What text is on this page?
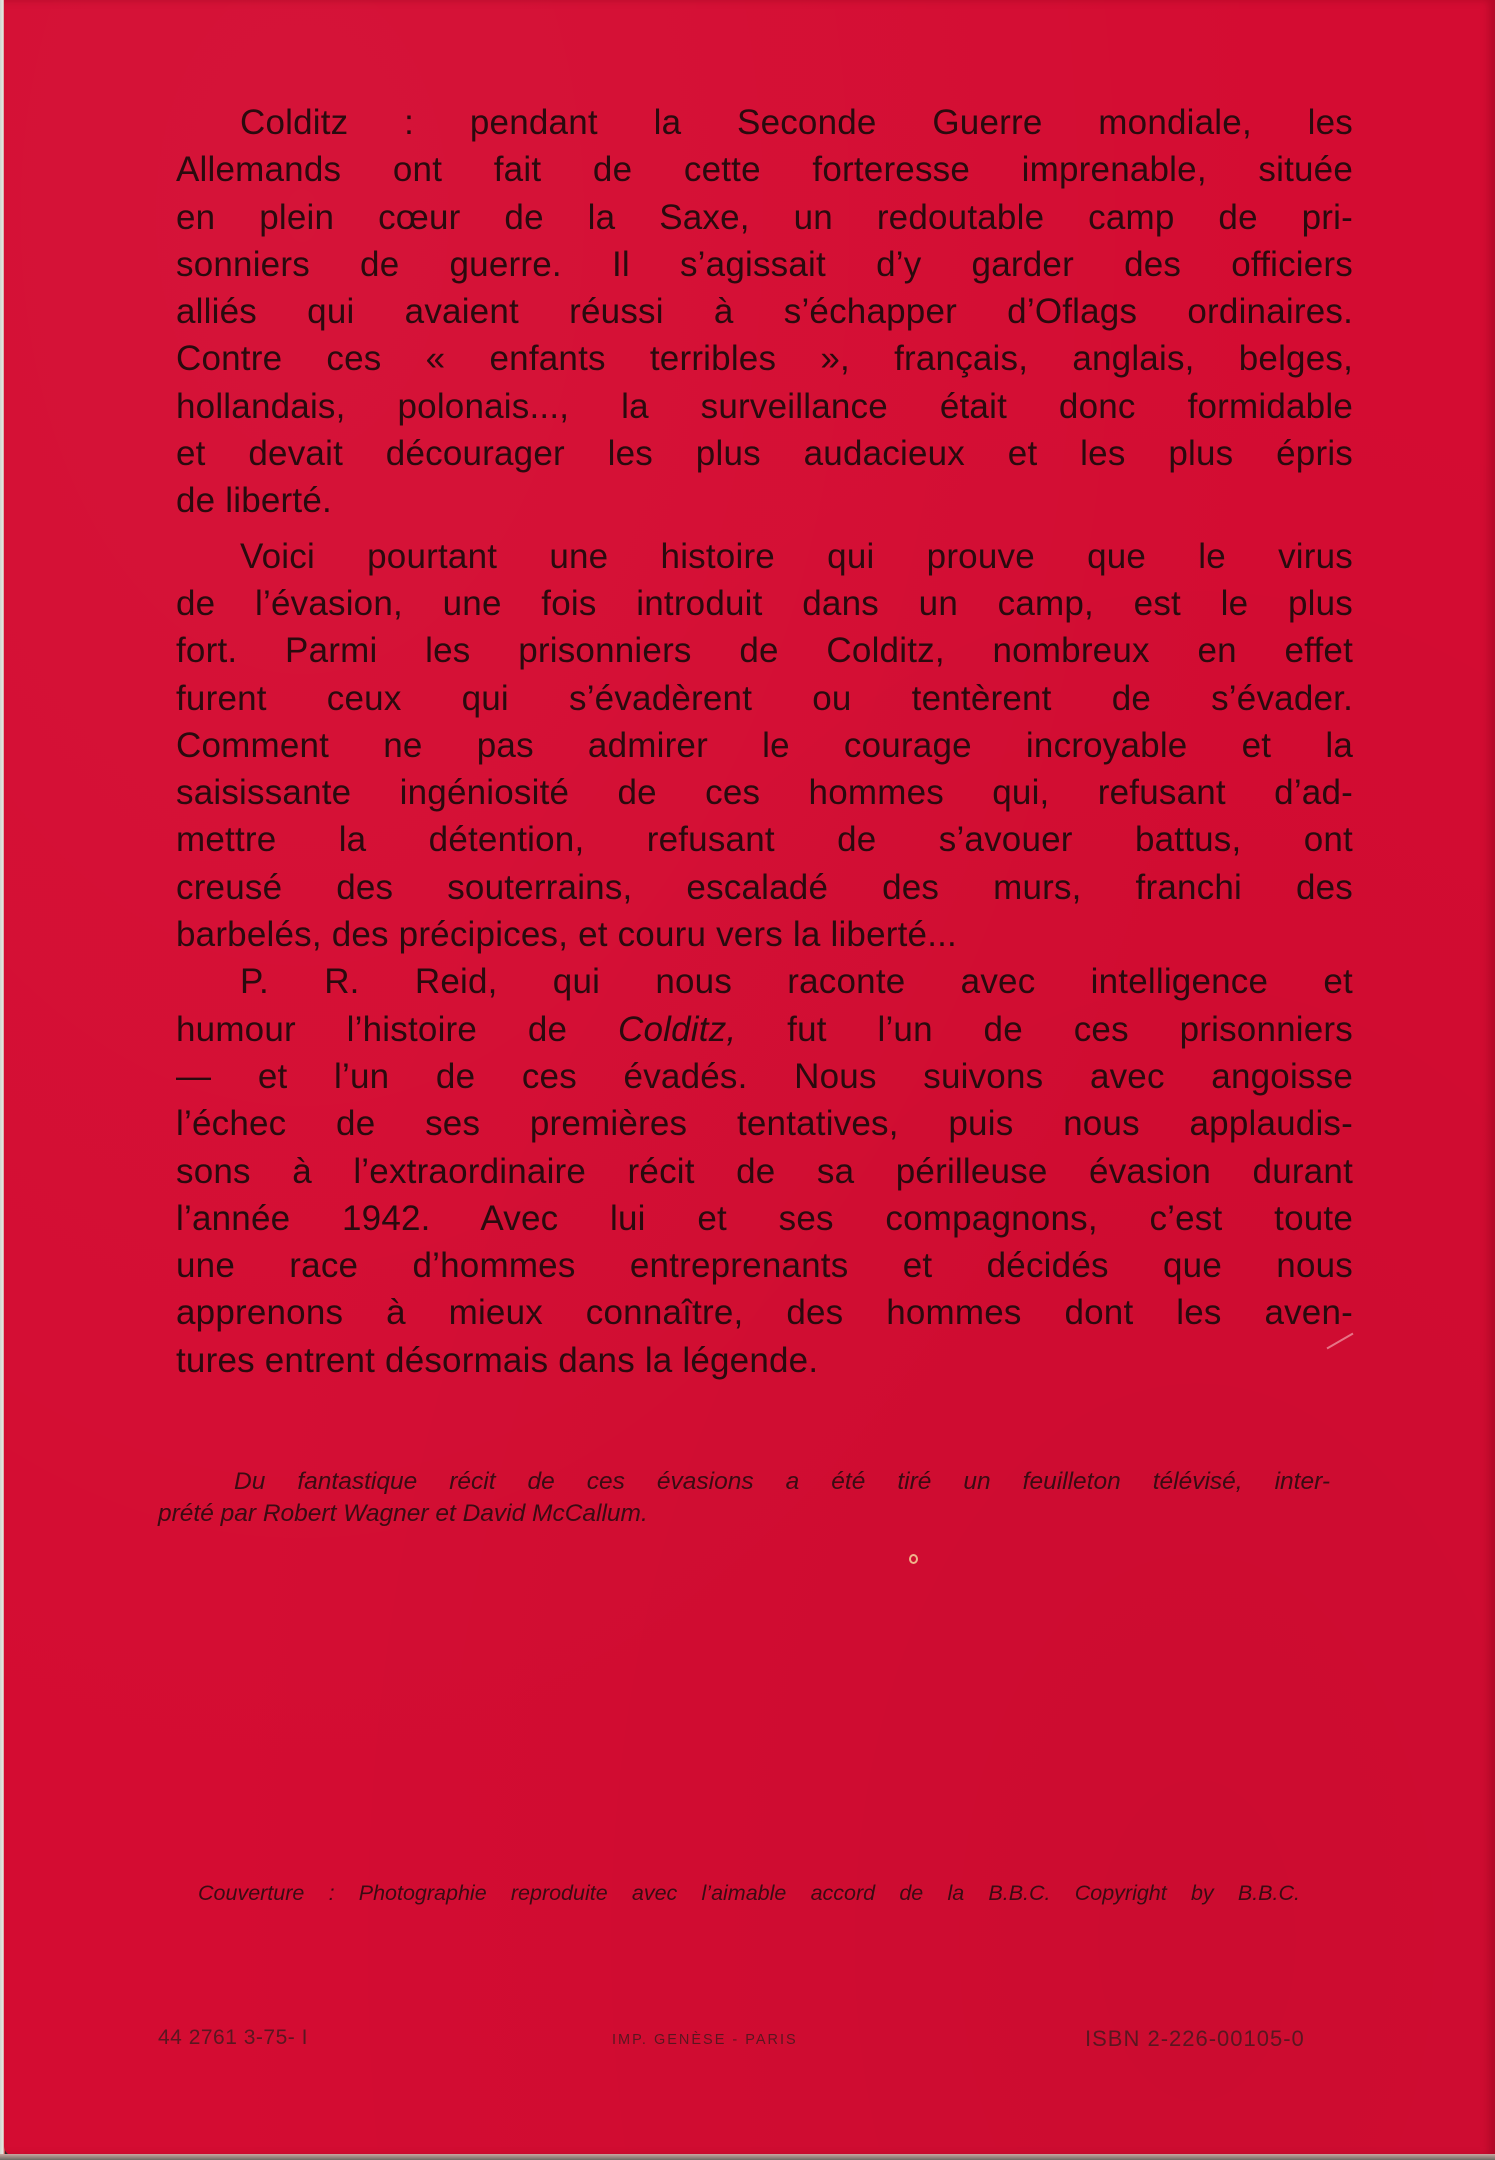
Colditz : pendant la Seconde Guerre mondiale, les
Allemands ont fait de cette forteresse imprenable, située
en plein cœur de la Saxe, un redoutable camp de pri-
sonniers de guerre. Il s’agissait d’y garder des officiers
alliés qui avaient réussi à s’échapper d’Oflags ordinaires.
Contre ces « enfants terribles », français, anglais, belges,
hollandais, polonais..., la surveillance était donc formidable
et devait décourager les plus audacieux et les plus épris
de liberté.
Voici pourtant une histoire qui prouve que le virus
de l’évasion, une fois introduit dans un camp, est le plus
fort. Parmi les prisonniers de Colditz, nombreux en effet
furent ceux qui s’évadèrent ou tentèrent de s’évader.
Comment ne pas admirer le courage incroyable et la
saisissante ingéniosité de ces hommes qui, refusant d’ad-
mettre la détention, refusant de s’avouer battus, ont
creusé des souterrains, escaladé des murs, franchi des
barbelés, des précipices, et couru vers la liberté...
P. R. Reid, qui nous raconte avec intelligence et
humour l’histoire de Colditz, fut l’un de ces prisonniers
— et l’un de ces évadés. Nous suivons avec angoisse
l’échec de ses premières tentatives, puis nous applaudis-
sons à l’extraordinaire récit de sa périlleuse évasion durant
l’année 1942. Avec lui et ses compagnons, c’est toute
une race d’hommes entreprenants et décidés que nous
apprenons à mieux connaître, des hommes dont les aven-
tures entrent désormais dans la légende.
Du fantastique récit de ces évasions a été tiré un feuilleton télévisé, inter-
prété par Robert Wagner et David McCallum.
Couverture : Photographie reproduite avec l’aimable accord de la B.B.C. Copyright by B.B.C.
44 2761 3-75- I	IMP. GENÈSE - PARIS	ISBN 2-226-00105-0
